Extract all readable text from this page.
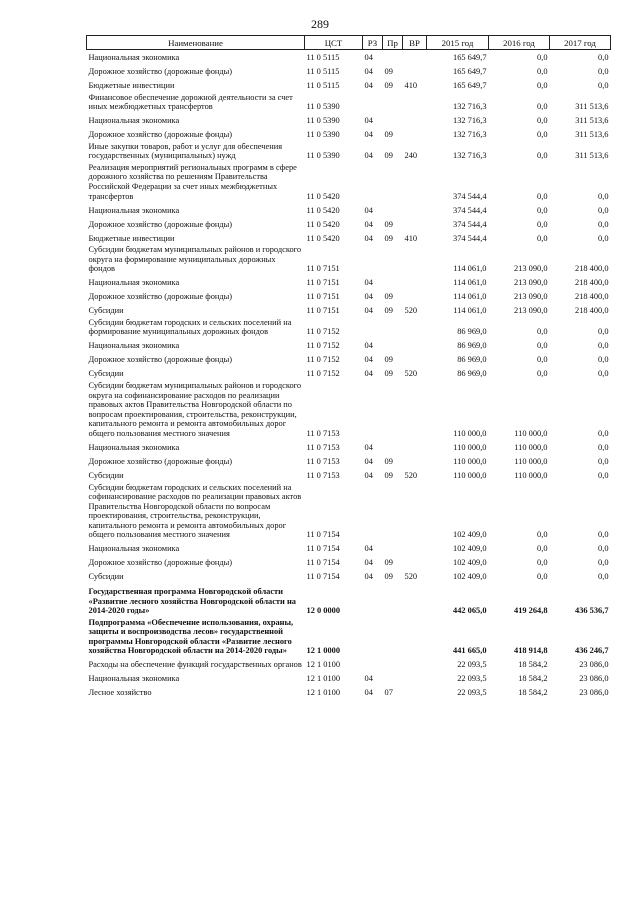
289
Наименование	ЦСТ	РЗ	Пр	ВР	2015 год	2016 год	2017 год
Национальная экономика	11 0 5115	04			165 649,7	0,0	0,0
Дорожное хозяйство (дорожные фонды)	11 0 5115	04	09		165 649,7	0,0	0,0
Бюджетные инвестиции	11 0 5115	04	09	410	165 649,7	0,0	0,0
Финансовое обеспечение дорожной деятельности за счет иных межбюджетных трансфертов	11 0 5390				132 716,3	0,0	311 513,6
Национальная экономика	11 0 5390	04			132 716,3	0,0	311 513,6
Дорожное хозяйство (дорожные фонды)	11 0 5390	04	09		132 716,3	0,0	311 513,6
Иные закупки товаров, работ и услуг для обеспечения государственных (муниципальных) нужд	11 0 5390	04	09	240	132 716,3	0,0	311 513,6
Реализация мероприятий региональных программ в сфере дорожного хозяйства по решениям Правительства Российской Федерации за счет иных межбюджетных трансфертов	11 0 5420				374 544,4	0,0	0,0
Национальная экономика	11 0 5420	04			374 544,4	0,0	0,0
Дорожное хозяйство (дорожные фонды)	11 0 5420	04	09		374 544,4	0,0	0,0
Бюджетные инвестиции	11 0 5420	04	09	410	374 544,4	0,0	0,0
Субсидии бюджетам муниципальных районов и городского округа на формирование муниципальных дорожных фондов	11 0 7151				114 061,0	213 090,0	218 400,0
Национальная экономика	11 0 7151	04			114 061,0	213 090,0	218 400,0
Дорожное хозяйство (дорожные фонды)	11 0 7151	04	09		114 061,0	213 090,0	218 400,0
Субсидии	11 0 7151	04	09	520	114 061,0	213 090,0	218 400,0
Субсидии бюджетам городских и сельских поселений на формирование муниципальных дорожных фондов	11 0 7152				86 969,0	0,0	0,0
Национальная экономика	11 0 7152	04			86 969,0	0,0	0,0
Дорожное хозяйство (дорожные фонды)	11 0 7152	04	09		86 969,0	0,0	0,0
Субсидии	11 0 7152	04	09	520	86 969,0	0,0	0,0
Субсидии бюджетам муниципальных районов и городского округа на софинансирование расходов по реализации правовых актов Правительства Новгородской области по вопросам проектирования, строительства, реконструкции, капитального ремонта и ремонта автомобильных дорог общего пользования местного значения	11 0 7153				110 000,0	110 000,0	0,0
Национальная экономика	11 0 7153	04			110 000,0	110 000,0	0,0
Дорожное хозяйство (дорожные фонды)	11 0 7153	04	09		110 000,0	110 000,0	0,0
Субсидии	11 0 7153	04	09	520	110 000,0	110 000,0	0,0
Субсидии бюджетам городских и сельских поселений на софинансирование расходов по реализации правовых актов Правительства Новгородской области по вопросам проектирования, строительства, реконструкции, капитального ремонта и ремонта автомобильных дорог общего пользования местного значения	11 0 7154				102 409,0	0,0	0,0
Национальная экономика	11 0 7154	04			102 409,0	0,0	0,0
Дорожное хозяйство (дорожные фонды)	11 0 7154	04	09		102 409,0	0,0	0,0
Субсидии	11 0 7154	04	09	520	102 409,0	0,0	0,0
Государственная программа Новгородской области «Развитие лесного хозяйства Новгородской области на 2014-2020 годы»	12 0 0000				442 065,0	419 264,8	436 536,7
Подпрограмма «Обеспечение использования, охраны, защиты и воспроизводства лесов» государственной программы Новгородской области «Развитие лесного хозяйства Новгородской области на 2014-2020 годы»	12 1 0000				441 665,0	418 914,8	436 246,7
Расходы на обеспечение функций государственных органов	12 1 0100				22 093,5	18 584,2	23 086,0
Национальная экономика	12 1 0100	04			22 093,5	18 584,2	23 086,0
Лесное хозяйство	12 1 0100	04	07		22 093,5	18 584,2	23 086,0
